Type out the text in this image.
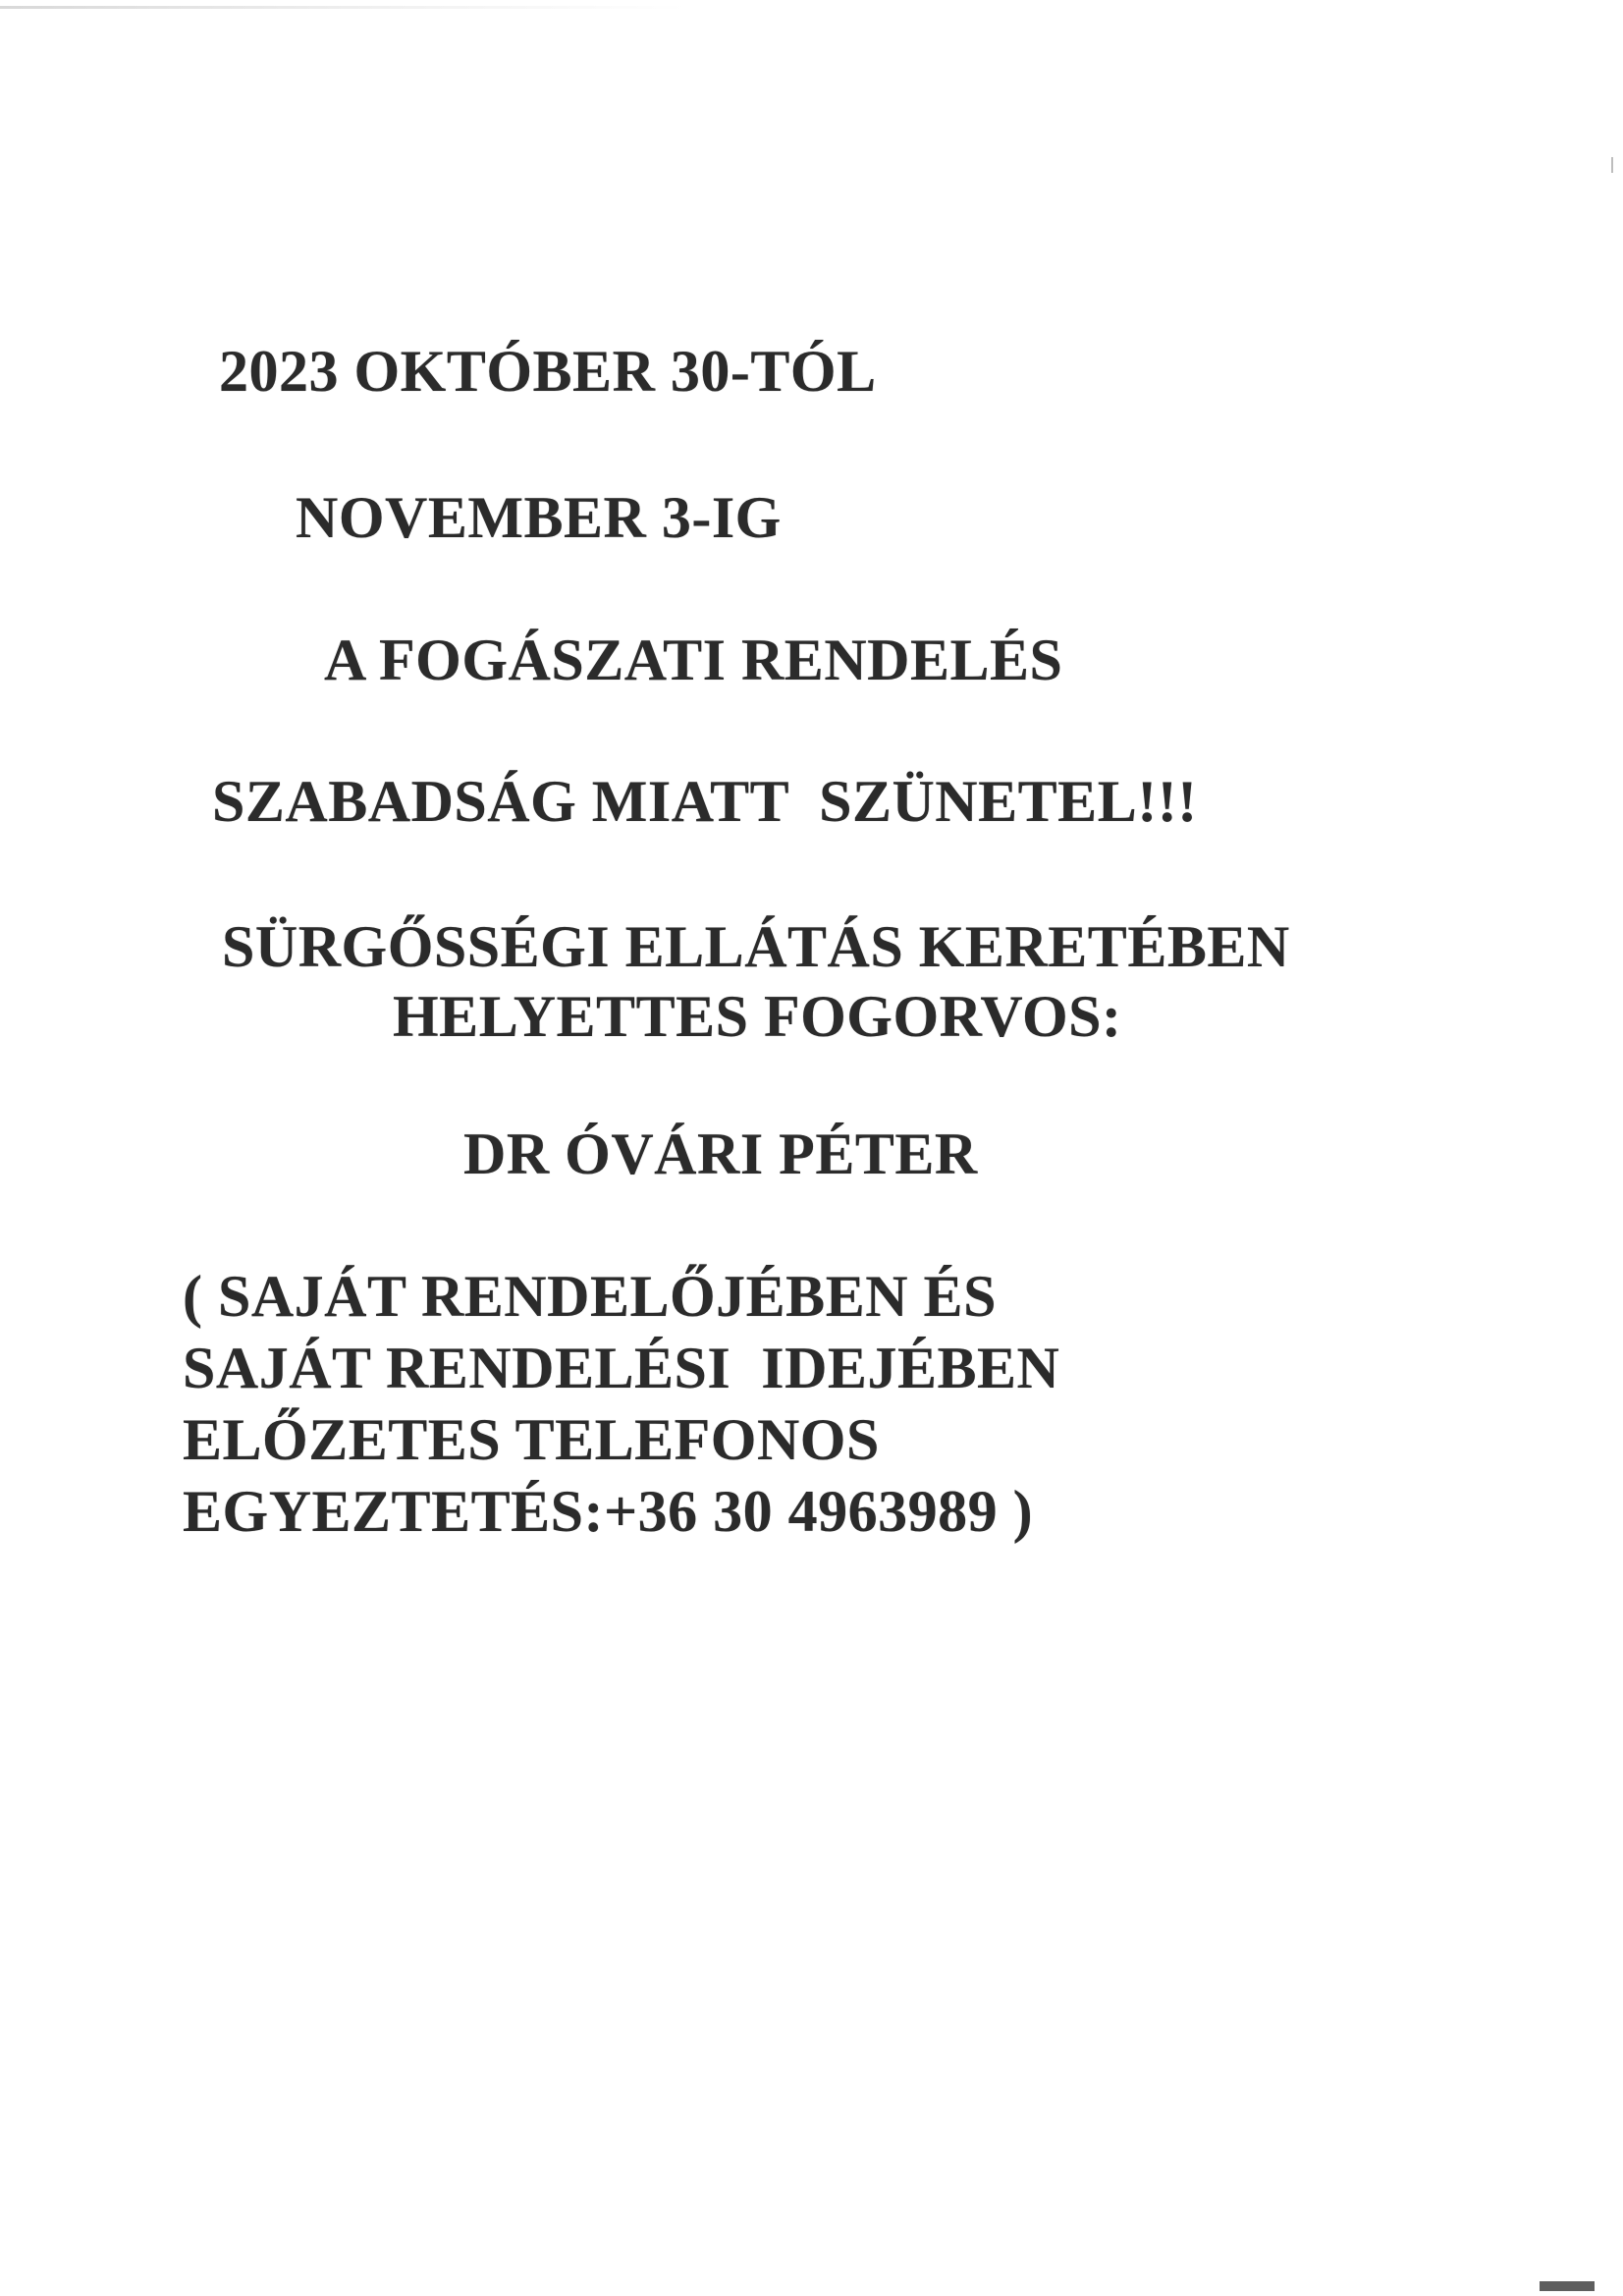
2023 OKTÓBER 30-TÓL
NOVEMBER 3-IG
A FOGÁSZATI RENDELÉS
SZABADSÁG MIATT  SZÜNETEL!!!
SÜRGŐSSÉGI ELLÁTÁS KERETÉBEN
HELYETTES FOGORVOS:
DR ÓVÁRI PÉTER
( SAJÁT RENDELŐJÉBEN ÉS
SAJÁT RENDELÉSI  IDEJÉBEN
ELŐZETES TELEFONOS
EGYEZTETÉS:+36 30 4963989 )
